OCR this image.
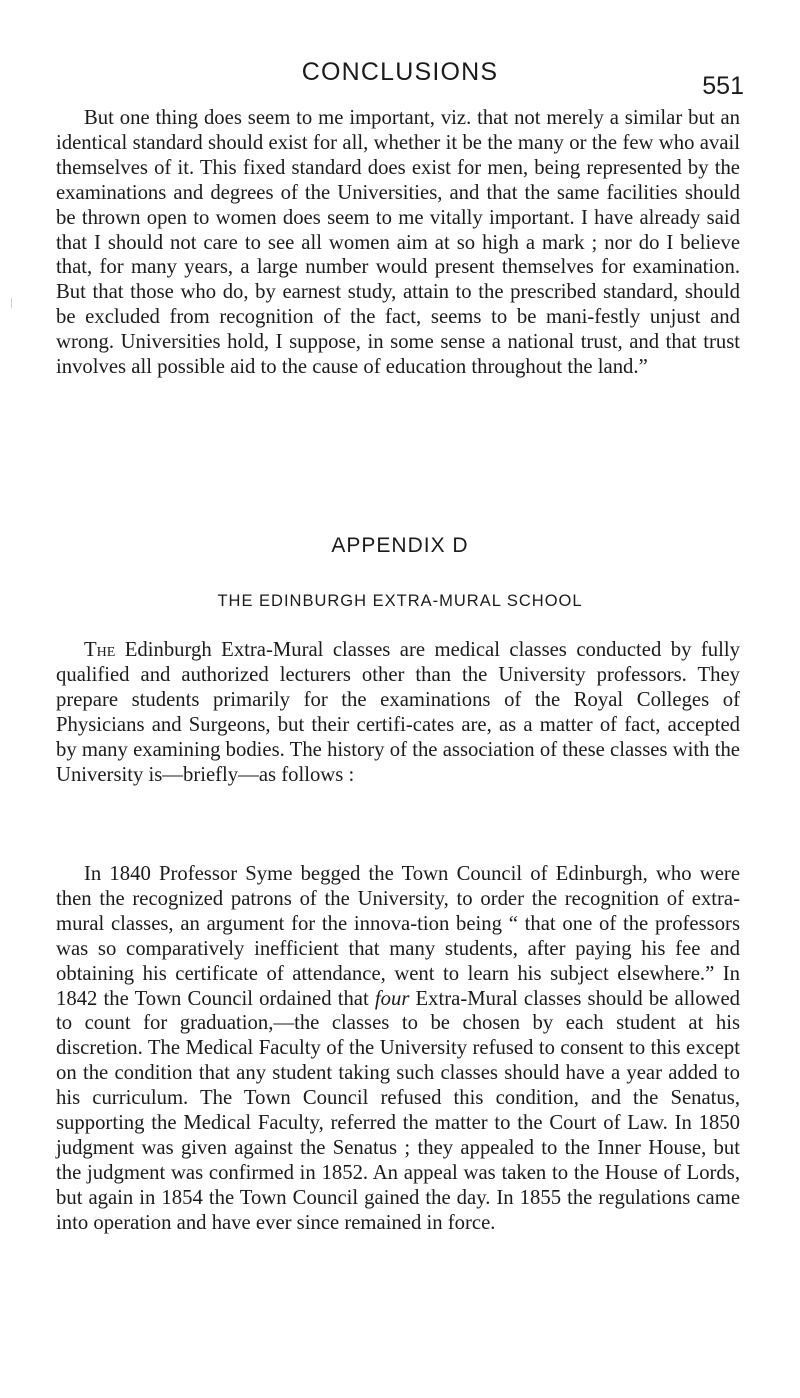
CONCLUSIONS	551

But one thing does seem to me important, viz. that not merely a similar but an identical standard should exist for all, whether it be the many or the few who avail themselves of it. This fixed standard does exist for men, being represented by the examinations and degrees of the Universities, and that the same facilities should be thrown open to women does seem to me vitally important. I have already said that I should not care to see all women aim at so high a mark ; nor do I believe that, for many years, a large number would present themselves for examination. But that those who do, by earnest study, attain to the prescribed standard, should be excluded from recognition of the fact, seems to be mani-festly unjust and wrong. Universities hold, I suppose, in some sense a national trust, and that trust involves all possible aid to the cause of education throughout the land.”

APPENDIX D
THE EDINBURGH EXTRA-MURAL SCHOOL

The Edinburgh Extra-Mural classes are medical classes conducted by fully qualified and authorized lecturers other than the University professors. They prepare students primarily for the examinations of the Royal Colleges of Physicians and Surgeons, but their certifi-cates are, as a matter of fact, accepted by many examining bodies. The history of the association of these classes with the University is—briefly—as follows :

In 1840 Professor Syme begged the Town Council of Edinburgh, who were then the recognized patrons of the University, to order the recognition of extra-mural classes, an argument for the innova-tion being “ that one of the professors was so comparatively inefficient that many students, after paying his fee and obtaining his certificate of attendance, went to learn his subject elsewhere.” In 1842 the Town Council ordained that four Extra-Mural classes should be allowed to count for graduation,—the classes to be chosen by each student at his discretion. The Medical Faculty of the University refused to consent to this except on the condition that any student taking such classes should have a year added to his curriculum. The Town Council refused this condition, and the Senatus, supporting the Medical Faculty, referred the matter to the Court of Law. In 1850 judgment was given against the Senatus ; they appealed to the Inner House, but the judgment was confirmed in 1852. An appeal was taken to the House of Lords, but again in 1854 the Town Council gained the day. In 1855 the regulations came into operation and have ever since remained in force.
